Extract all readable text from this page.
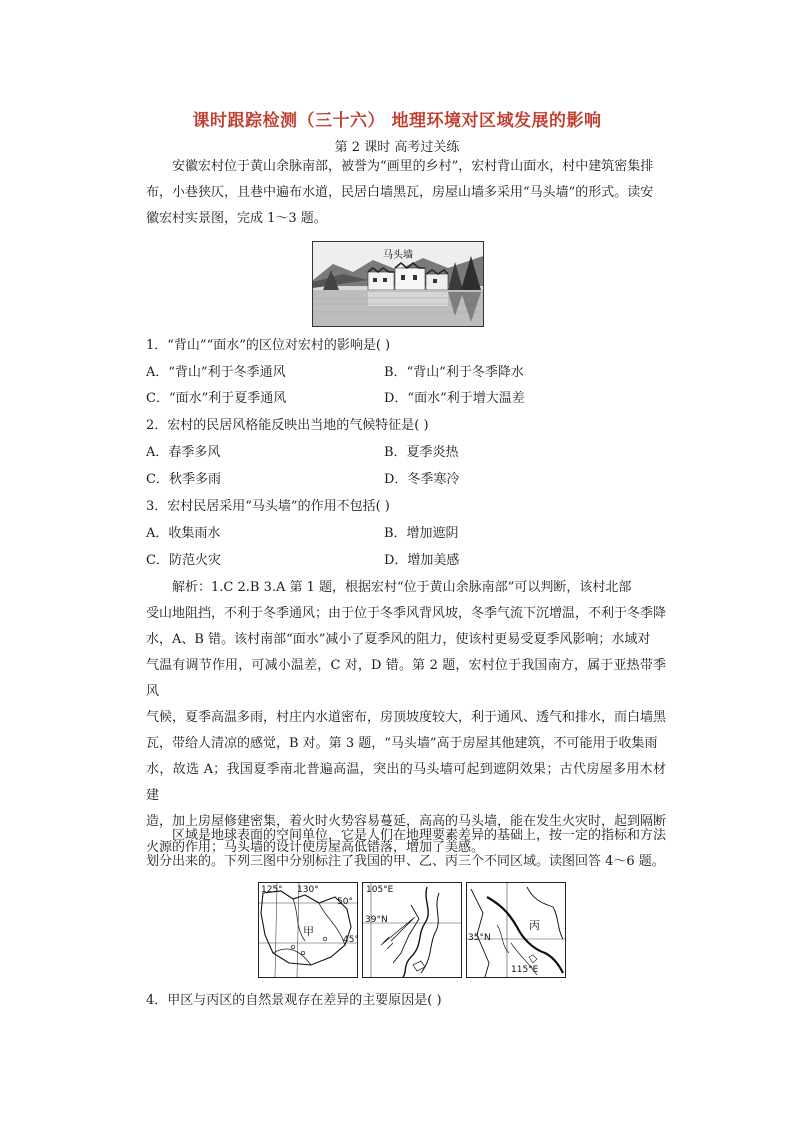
课时跟踪检测（三十六） 地理环境对区域发展的影响
第 2 课时 高考过关练
安徽宏村位于黄山余脉南部，被誉为“画里的乡村”，宏村背山面水，村中建筑密集排
布，小巷狭仄，且巷中遍布水道，民居白墙黑瓦，房屋山墙多采用“马头墙”的形式。读安
徽宏村实景图，完成 1～3 题。
马头墙
1．“背山”“面水”的区位对宏村的影响是( )
A．“背山”利于冬季通风	B．“背山”利于冬季降水
C．“面水”利于夏季通风	D．“面水”利于增大温差
2．宏村的民居风格能反映出当地的气候特征是( )
A．春季多风	B．夏季炎热
C．秋季多雨	D．冬季寒冷
3．宏村民居采用“马头墙”的作用不包括( )
A．收集雨水	B．增加遮阴
C．防范火灾	D．增加美感
解析：1.C 2.B 3.A 第 1 题，根据宏村“位于黄山余脉南部”可以判断，该村北部
受山地阻挡，不利于冬季通风；由于位于冬季风背风坡，冬季气流下沉增温，不利于冬季降
水，A、B 错。该村南部“面水”减小了夏季风的阻力，使该村更易受夏季风影响；水域对
气温有调节作用，可减小温差，C 对，D 错。第 2 题，宏村位于我国南方，属于亚热带季风
气候，夏季高温多雨，村庄内水道密布，房顶坡度较大，利于通风、透气和排水，而白墙黑
瓦，带给人清凉的感觉，B 对。第 3 题，“马头墙”高于房屋其他建筑，不可能用于收集雨
水，故选 A；我国夏季南北普遍高温，突出的马头墙可起到遮阴效果；古代房屋多用木材建
造，加上房屋修建密集，着火时火势容易蔓延，高高的马头墙，能在发生火灾时，起到隔断
火源的作用；马头墙的设计使房屋高低错落，增加了美感。
区域是地球表面的空间单位，它是人们在地理要素差异的基础上，按一定的指标和方法
划分出来的。下列三图中分别标注了我国的甲、乙、丙三个不同区域。读图回答 4～6 题。
125° 130°
50°
45°
甲
105°E
39°N
35°N
115°E
丙
4．甲区与丙区的自然景观存在差异的主要原因是( )
